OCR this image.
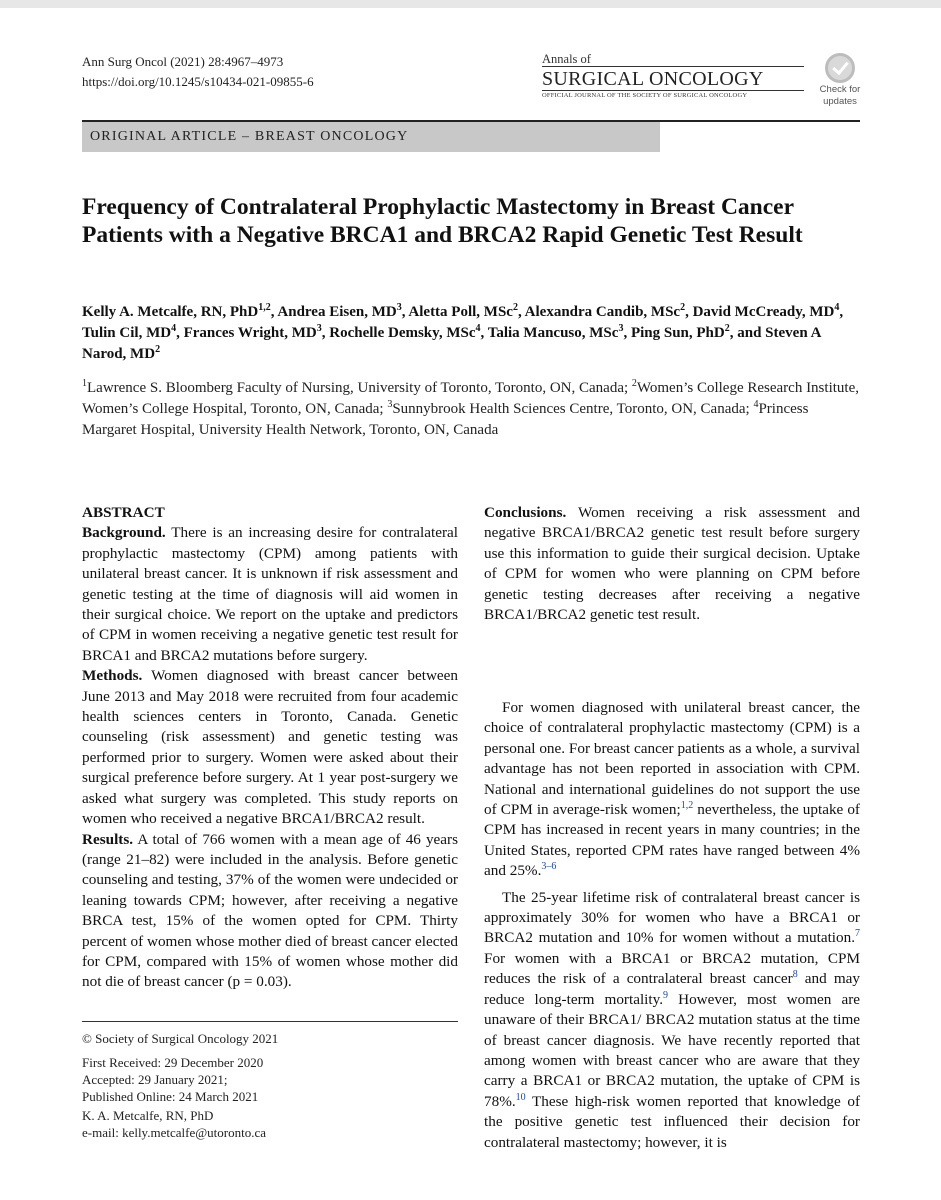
Ann Surg Oncol (2021) 28:4967–4973
https://doi.org/10.1245/s10434-021-09855-6
Annals of
SURGICAL ONCOLOGY
OFFICIAL JOURNAL OF THE SOCIETY OF SURGICAL ONCOLOGY
Check for
updates
ORIGINAL ARTICLE – BREAST ONCOLOGY
Frequency of Contralateral Prophylactic Mastectomy in Breast Cancer Patients with a Negative BRCA1 and BRCA2 Rapid Genetic Test Result
Kelly A. Metcalfe, RN, PhD$^{1,2}$, Andrea Eisen, $MD^3$, Aletta Poll, MSc$^2$, Alexandra Candib, MSc$^2$, David McCready, $MD^4$, Tulin Cil, $MD^4$, Frances Wright, $MD^3$, Rochelle Demsky, MSc$^4$, Talia Mancuso, MSc$^3$, Ping Sun, PhD$^2$, and Steven A Narod, $MD^2$
$^1$Lawrence S. Bloomberg Faculty of Nursing, University of Toronto, Toronto, ON, Canada; $^2$Women’s College Research Institute, Women’s College Hospital, Toronto, ON, Canada; $^3$Sunnybrook Health Sciences Centre, Toronto, ON, Canada; $^4$Princess Margaret Hospital, University Health Network, Toronto, ON, Canada
ABSTRACT

Background. There is an increasing desire for contralateral prophylactic mastectomy (CPM) among patients with unilateral breast cancer. It is unknown if risk assessment and genetic testing at the time of diagnosis will aid women in their surgical choice. We report on the uptake and predictors of CPM in women receiving a negative genetic test result for BRCA1 and BRCA2 mutations before surgery.

Methods. Women diagnosed with breast cancer between June 2013 and May 2018 were recruited from four academic health sciences centers in Toronto, Canada. Genetic counseling (risk assessment) and genetic testing was performed prior to surgery. Women were asked about their surgical preference before surgery. At 1 year post-surgery we asked what surgery was completed. This study reports on women who received a negative BRCA1/BRCA2 result.

Results. A total of 766 women with a mean age of 46 years (range 21–82) were included in the analysis. Before genetic counseling and testing, 37% of the women were undecided or leaning towards CPM; however, after receiving a negative BRCA test, 15% of the women opted for CPM. Thirty percent of women whose mother died of breast cancer elected for CPM, compared with 15% of women whose mother did not die of breast cancer (p = 0.03).

Conclusions. Women receiving a risk assessment and negative BRCA1/BRCA2 genetic test result before surgery use this information to guide their surgical decision. Uptake of CPM for women who were planning on CPM before genetic testing decreases after receiving a negative BRCA1/BRCA2 genetic test result.

For women diagnosed with unilateral breast cancer, the choice of contralateral prophylactic mastectomy (CPM) is a personal one. For breast cancer patients as a whole, a survival advantage has not been reported in association with CPM. National and international guidelines do not support the use of CPM in average-risk women;$^{1,2}$ nevertheless, the uptake of CPM has increased in recent years in many countries; in the United States, reported CPM rates have ranged between 4% and 25%.$^{3-6}$

The 25-year lifetime risk of contralateral breast cancer is approximately 30% for women who have a BRCA1 or BRCA2 mutation and 10% for women without a mutation.$^7$ For women with a BRCA1 or BRCA2 mutation, CPM reduces the risk of a contralateral breast cancer$^8$ and may reduce long-term mortality.$^9$ However, most women are unaware of their BRCA1/ BRCA2 mutation status at the time of breast cancer diagnosis. We have recently reported that among women with breast cancer who are aware that they carry a BRCA1 or BRCA2 mutation, the uptake of CPM is 78%.$^{10}$ These high-risk women reported that knowledge of the positive genetic test influenced their decision for contralateral mastectomy; however, it is

© Society of Surgical Oncology 2021
First Received: 29 December 2020
Accepted: 29 January 2021;
Published Online: 24 March 2021
K. A. Metcalfe, RN, PhD
e-mail: kelly.metcalfe@utoronto.ca
